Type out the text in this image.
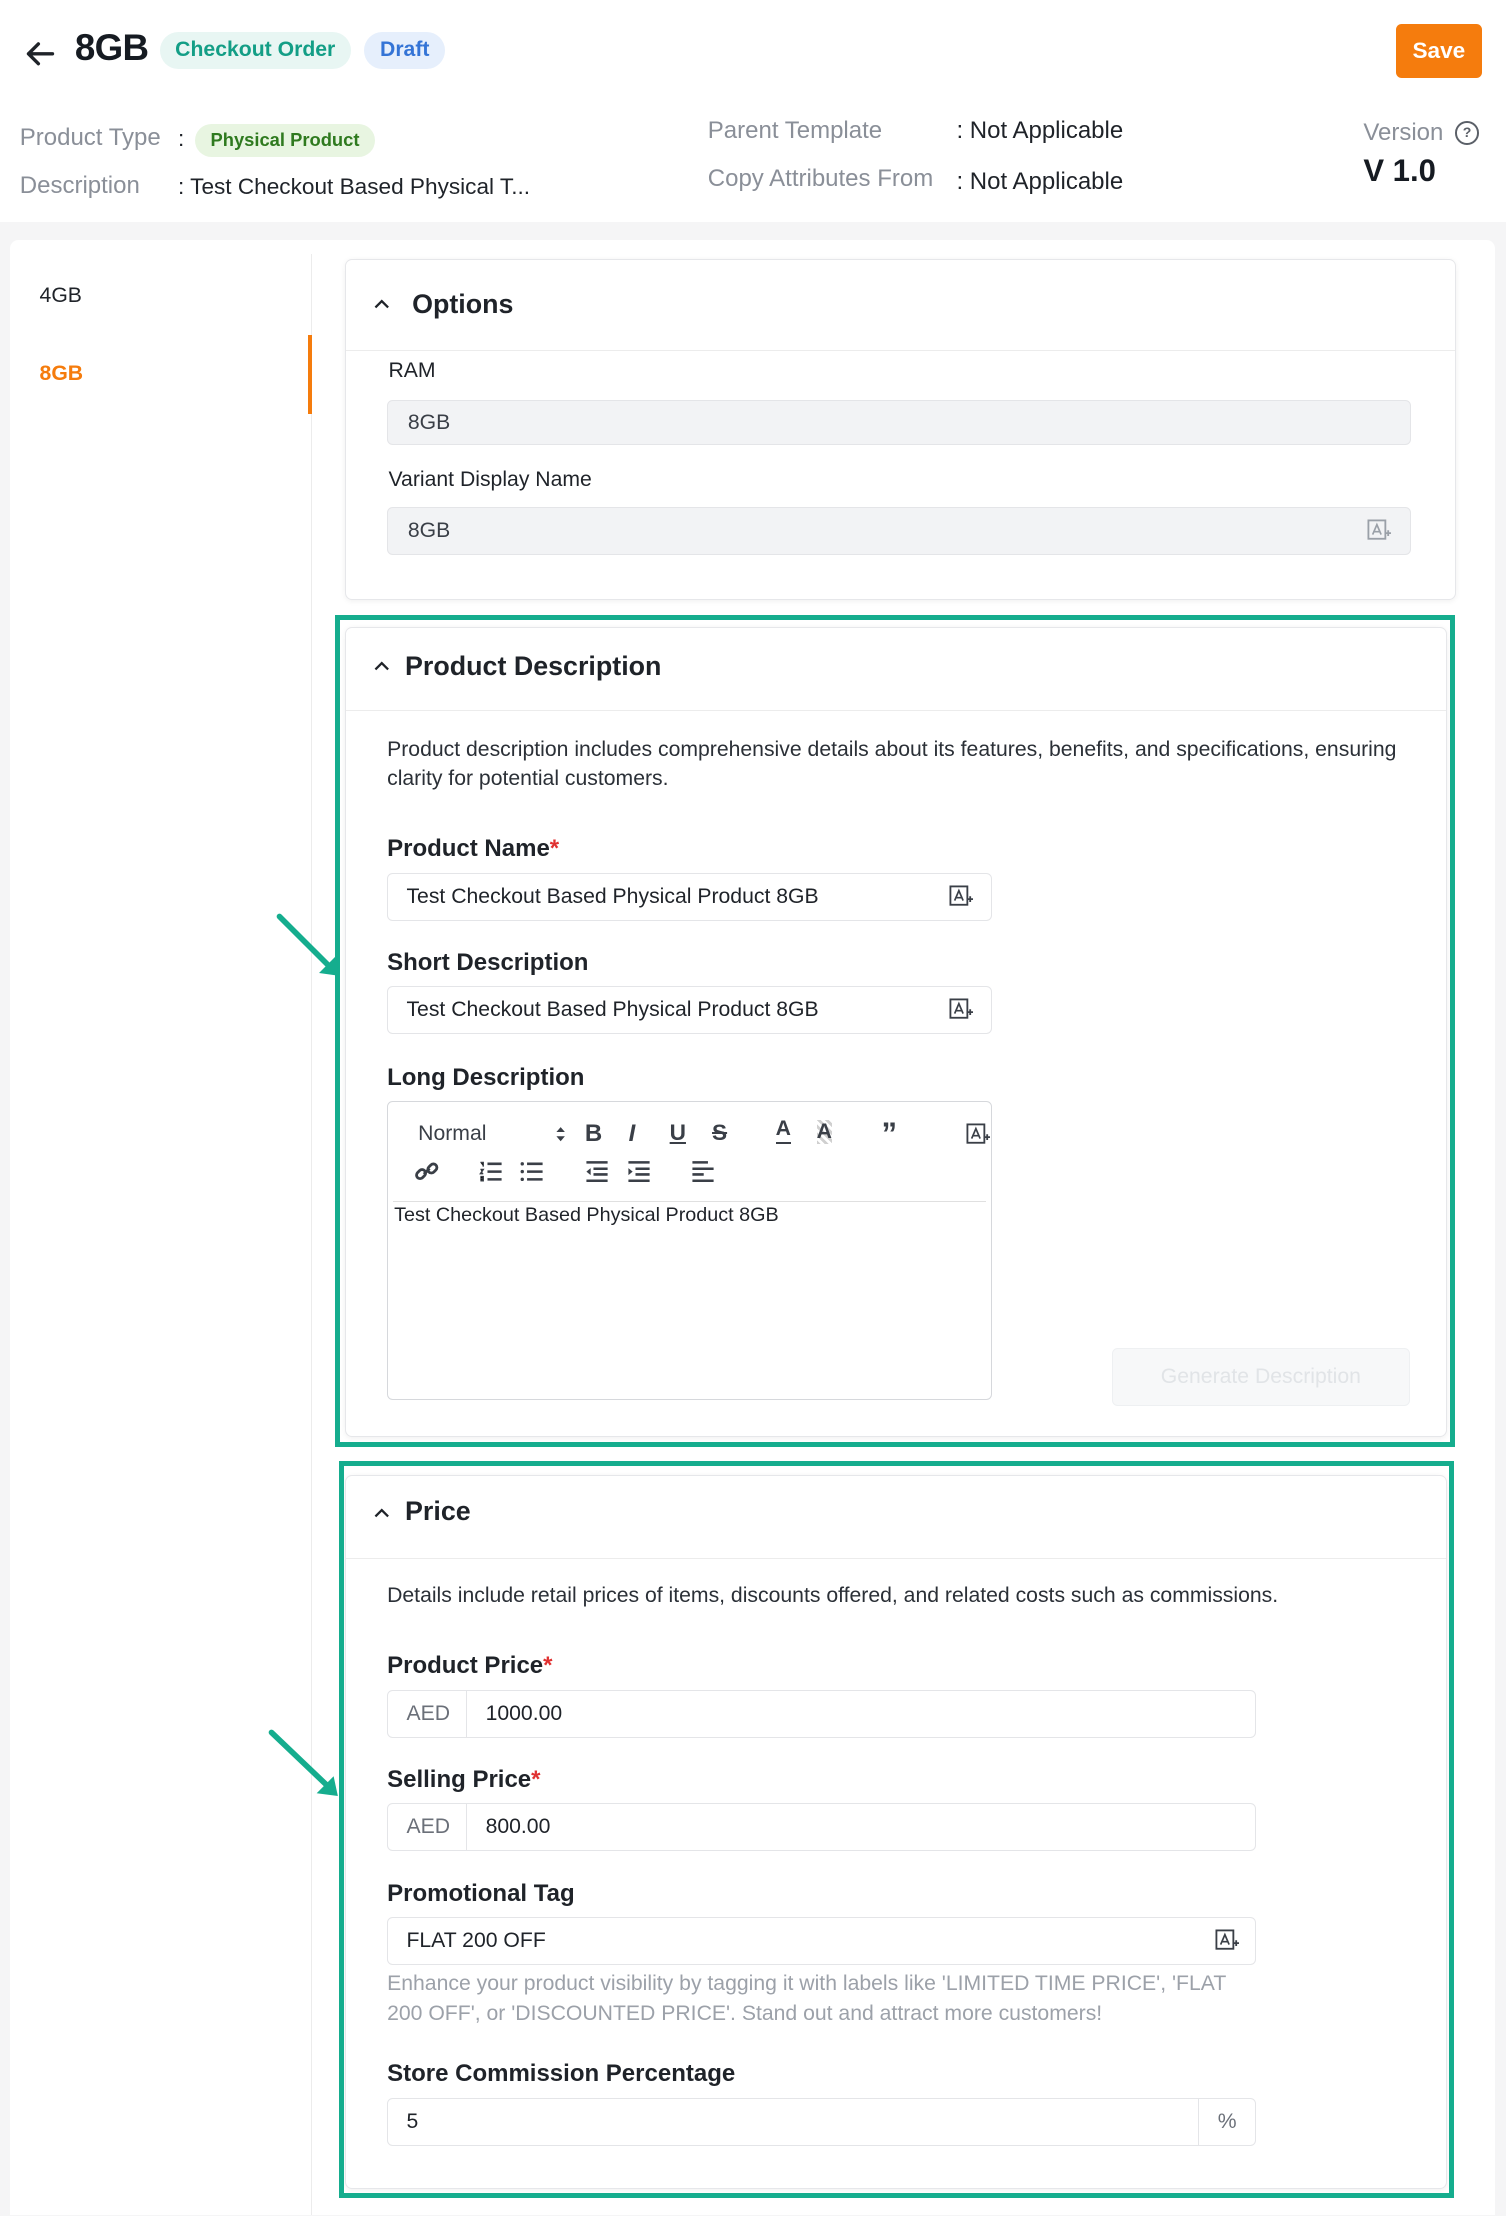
8GB	Checkout Order	Draft	Save
Product Type :	Physical Product
Description : Test Checkout Based Physical T...
Parent Template	: Not Applicable
Copy Attributes From : Not Applicable
Version	?
V 1.0
4GB
8GB
Options
RAM
8GB
Variant Display Name
8GB
Product Description
Product description includes comprehensive details about its features, benefits, and specifications, ensuring clarity for potential customers.
Product Name*
Test Checkout Based Physical Product 8GB
Short Description
Test Checkout Based Physical Product 8GB
Long Description
Normal	B I U S	A A ”
Test Checkout Based Physical Product 8GB
Generate Description
Price
Details include retail prices of items, discounts offered, and related costs such as commissions.
Product Price*
AED 1000.00
Selling Price*
AED 800.00
Promotional Tag
FLAT 200 OFF
Enhance your product visibility by tagging it with labels like 'LIMITED TIME PRICE', 'FLAT 200 OFF', or 'DISCOUNTED PRICE'. Stand out and attract more customers!
Store Commission Percentage
5	%
